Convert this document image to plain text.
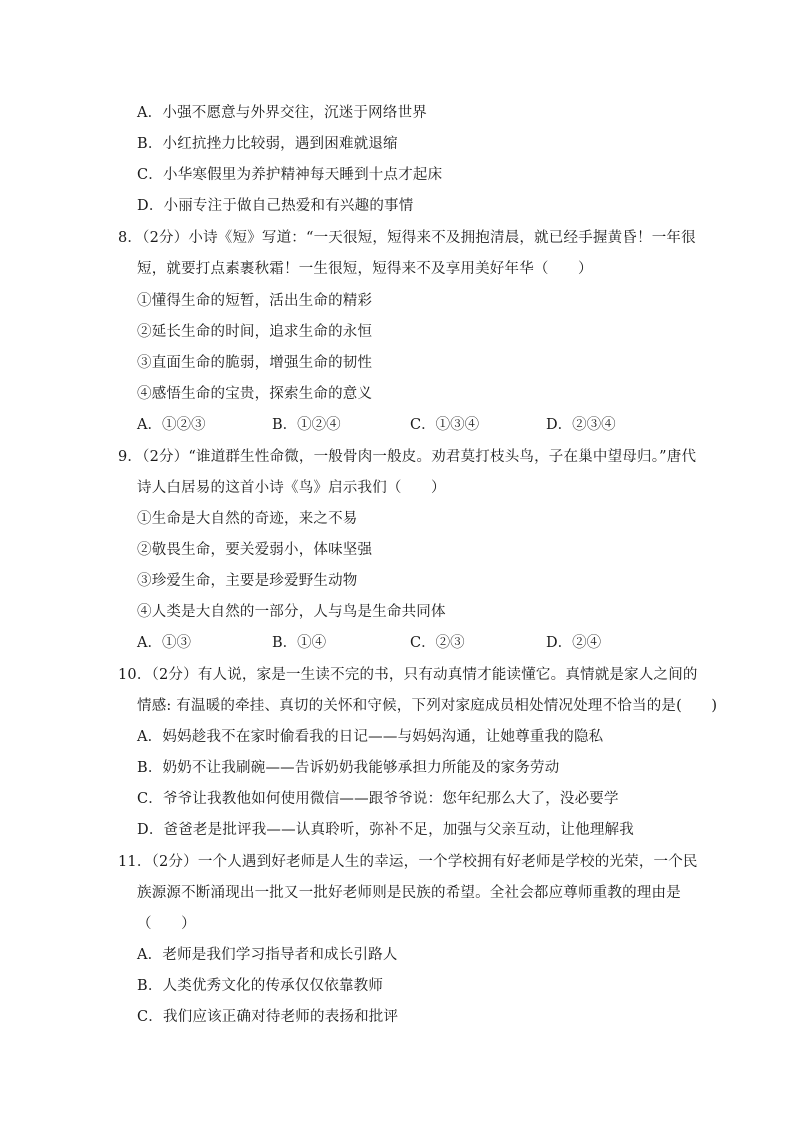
A．小强不愿意与外界交往，沉迷于网络世界
B．小红抗挫力比较弱，遇到困难就退缩
C．小华寒假里为养护精神每天睡到十点才起床
D．小丽专注于做自己热爱和有兴趣的事情
8．（2分）小诗《短》写道：“一天很短，短得来不及拥抱清晨，就已经手握黄昏！一年很
短，就要打点素裹秋霜！一生很短，短得来不及享用美好年华（　　）
①懂得生命的短暂，活出生命的精彩
②延长生命的时间，追求生命的永恒
③直面生命的脆弱，增强生命的韧性
④感悟生命的宝贵，探索生命的意义
A．①②③	B．①②④	C．①③④	D．②③④
9．（2分）“谁道群生性命微，一般骨肉一般皮。劝君莫打枝头鸟，子在巢中望母归。”唐代
诗人白居易的这首小诗《鸟》启示我们（　　）
①生命是大自然的奇迹，来之不易
②敬畏生命，要关爱弱小，体味坚强
③珍爱生命，主要是珍爱野生动物
④人类是大自然的一部分，人与鸟是生命共同体
A．①③	B．①④	C．②③	D．②④
10．（2分）有人说，家是一生读不完的书，只有动真情才能读懂它。真情就是家人之间的
情感: 有温暖的牵挂、真切的关怀和守候，下列对家庭成员相处情况处理不恰当的是(　　)
A．妈妈趁我不在家时偷看我的日记——与妈妈沟通，让她尊重我的隐私
B．奶奶不让我刷碗——告诉奶奶我能够承担力所能及的家务劳动
C．爷爷让我教他如何使用微信——跟爷爷说：您年纪那么大了，没必要学
D．爸爸老是批评我——认真聆听，弥补不足，加强与父亲互动，让他理解我
11．（2分）一个人遇到好老师是人生的幸运，一个学校拥有好老师是学校的光荣，一个民
族源源不断涌现出一批又一批好老师则是民族的希望。全社会都应尊师重教的理由是
（　　）
A．老师是我们学习指导者和成长引路人
B．人类优秀文化的传承仅仅依靠教师
C．我们应该正确对待老师的表扬和批评
